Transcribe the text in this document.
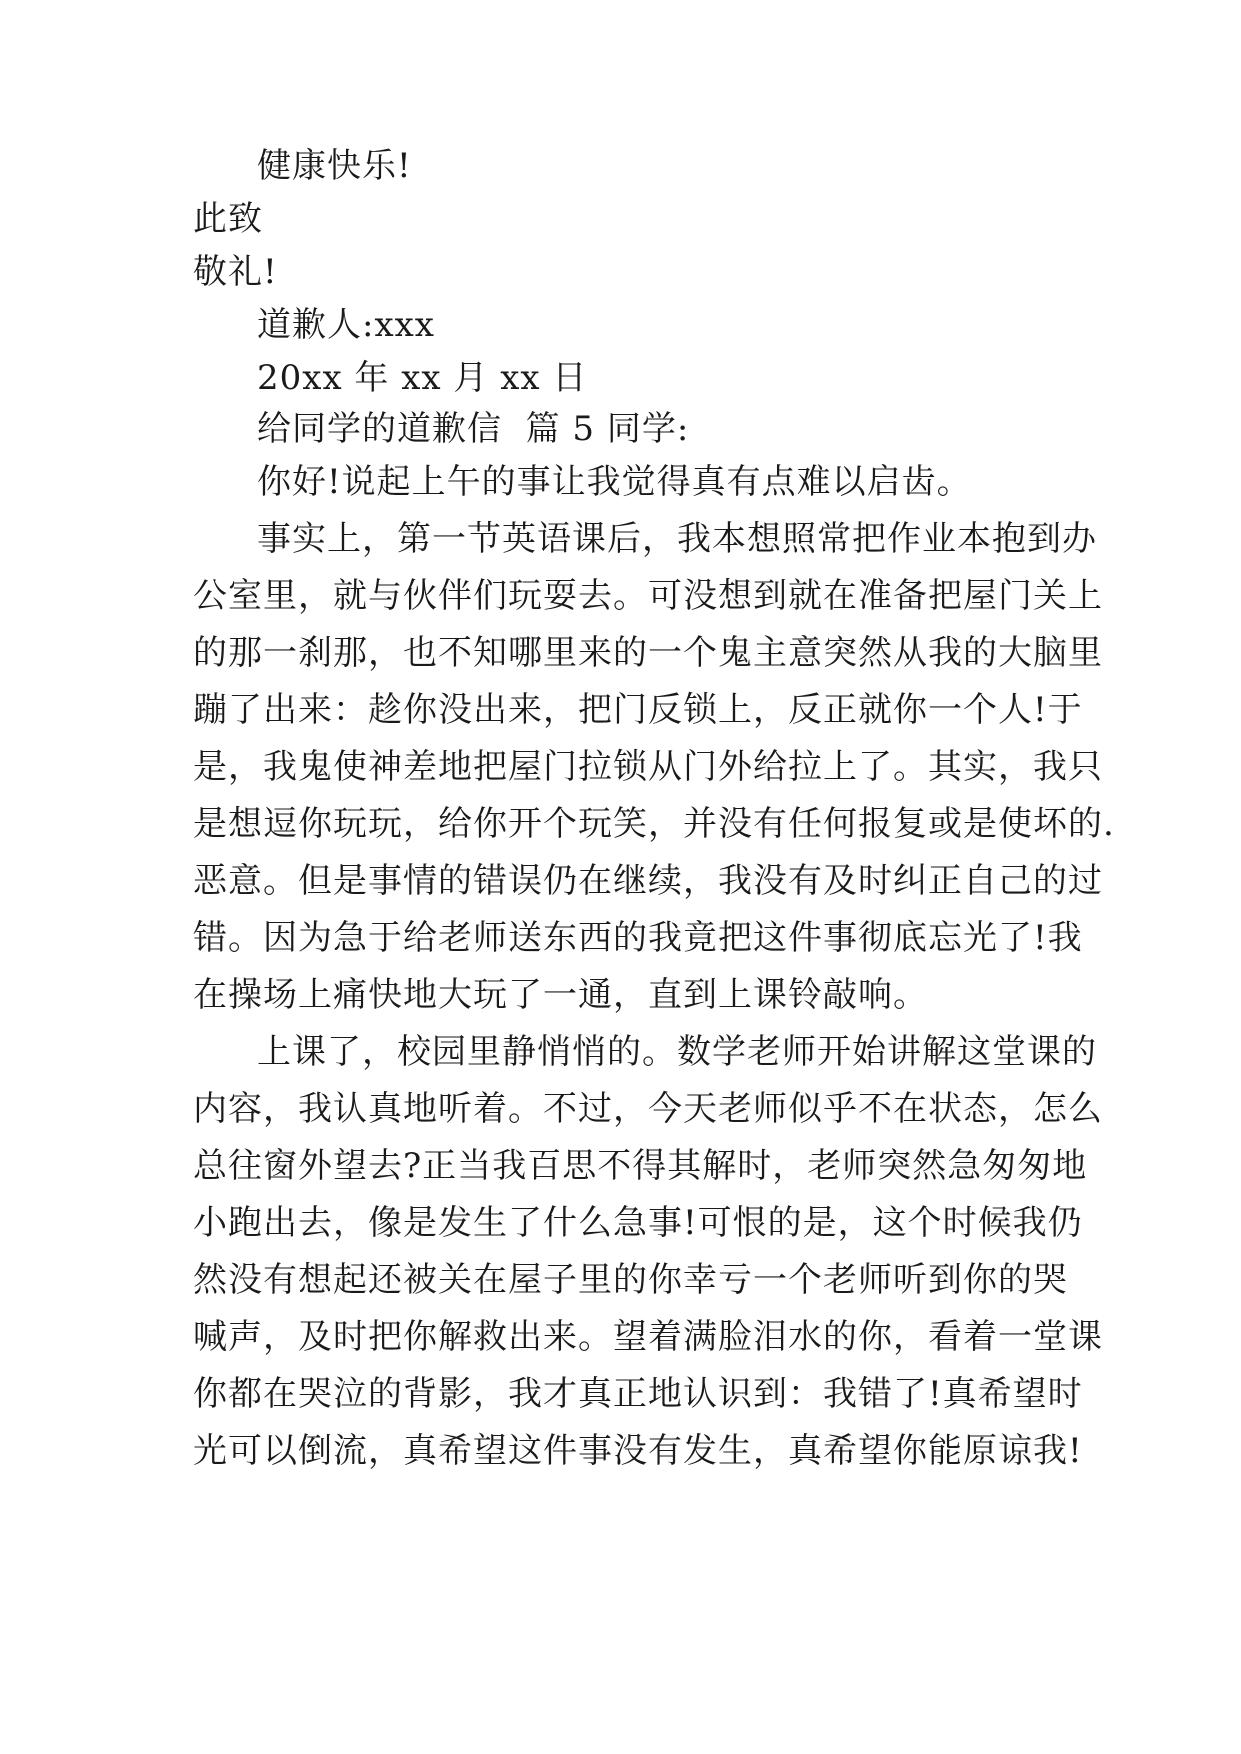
健康快乐!
此致
敬礼!
道歉人:xxx
20xx 年 xx 月 xx 日
给同学的道歉信  篇 5 同学:
你好!说起上午的事让我觉得真有点难以启齿。
事实上，第一节英语课后，我本想照常把作业本抱到办
公室里，就与伙伴们玩耍去。可没想到就在准备把屋门关上
的那一刹那，也不知哪里来的一个鬼主意突然从我的大脑里
蹦了出来：趁你没出来，把门反锁上，反正就你一个人!于
是，我鬼使神差地把屋门拉锁从门外给拉上了。其实，我只
是想逗你玩玩，给你开个玩笑，并没有任何报复或是使坏的.
恶意。但是事情的错误仍在继续，我没有及时纠正自己的过
错。因为急于给老师送东西的我竟把这件事彻底忘光了!我
在操场上痛快地大玩了一通，直到上课铃敲响。
上课了，校园里静悄悄的。数学老师开始讲解这堂课的
内容，我认真地听着。不过，今天老师似乎不在状态，怎么
总往窗外望去?正当我百思不得其解时，老师突然急匆匆地
小跑出去，像是发生了什么急事!可恨的是，这个时候我仍
然没有想起还被关在屋子里的你幸亏一个老师听到你的哭
喊声，及时把你解救出来。望着满脸泪水的你，看着一堂课
你都在哭泣的背影，我才真正地认识到：我错了!真希望时
光可以倒流，真希望这件事没有发生，真希望你能原谅我!
